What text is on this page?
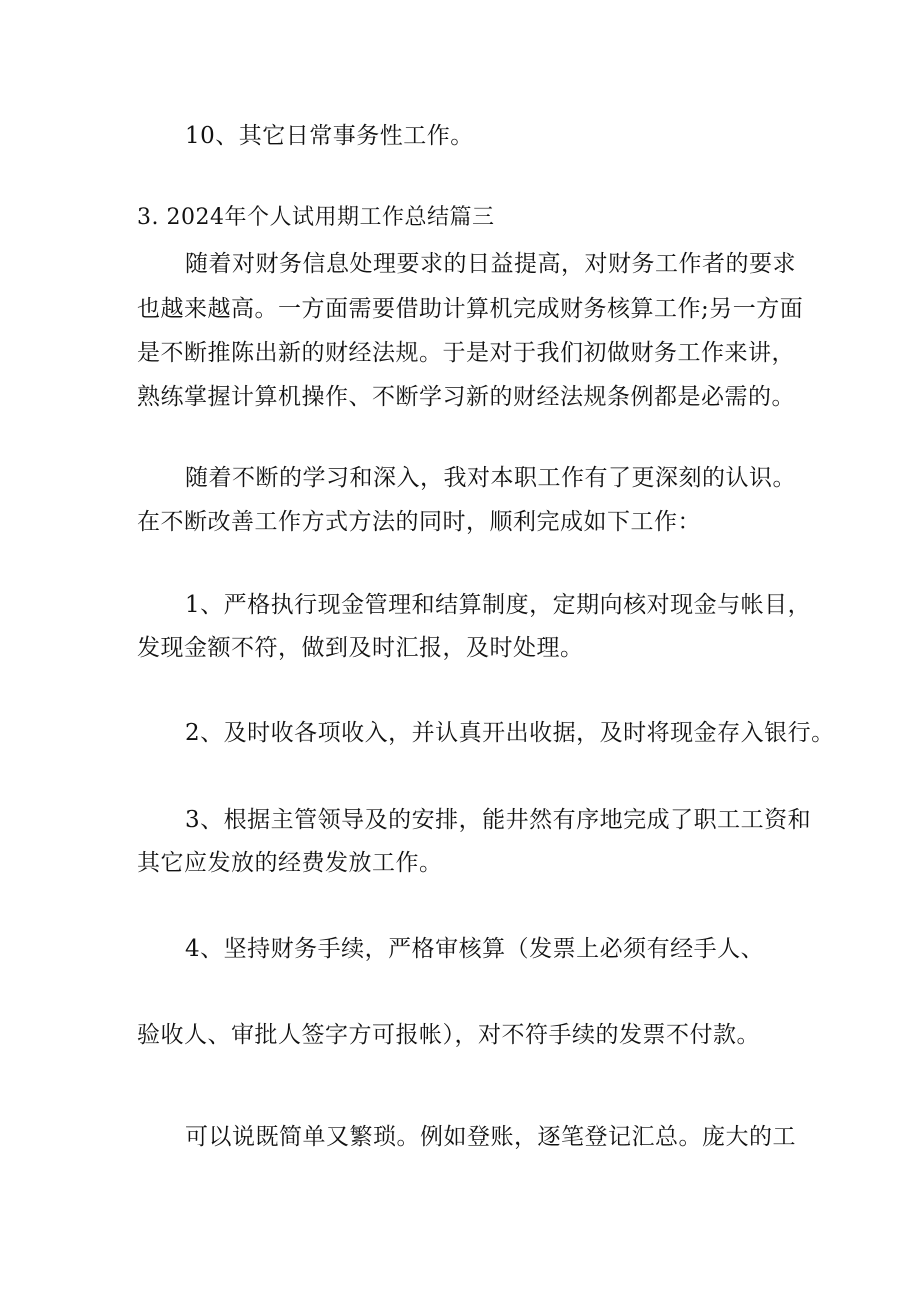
10、其它日常事务性工作。
3. 2024年个人试用期工作总结篇三
随着对财务信息处理要求的日益提高，对财务工作者的要求
也越来越高。一方面需要借助计算机完成财务核算工作;另一方面
是不断推陈出新的财经法规。于是对于我们初做财务工作来讲，
熟练掌握计算机操作、不断学习新的财经法规条例都是必需的。
随着不断的学习和深入，我对本职工作有了更深刻的认识。
在不断改善工作方式方法的同时，顺利完成如下工作：
1、严格执行现金管理和结算制度，定期向核对现金与帐目，
发现金额不符，做到及时汇报，及时处理。
2、及时收各项收入，并认真开出收据，及时将现金存入银行。
3、根据主管领导及的安排，能井然有序地完成了职工工资和
其它应发放的经费发放工作。
4、坚持财务手续，严格审核算（发票上必须有经手人、
验收人、审批人签字方可报帐），对不符手续的发票不付款。
可以说既简单又繁琐。例如登账，逐笔登记汇总。庞大的工
